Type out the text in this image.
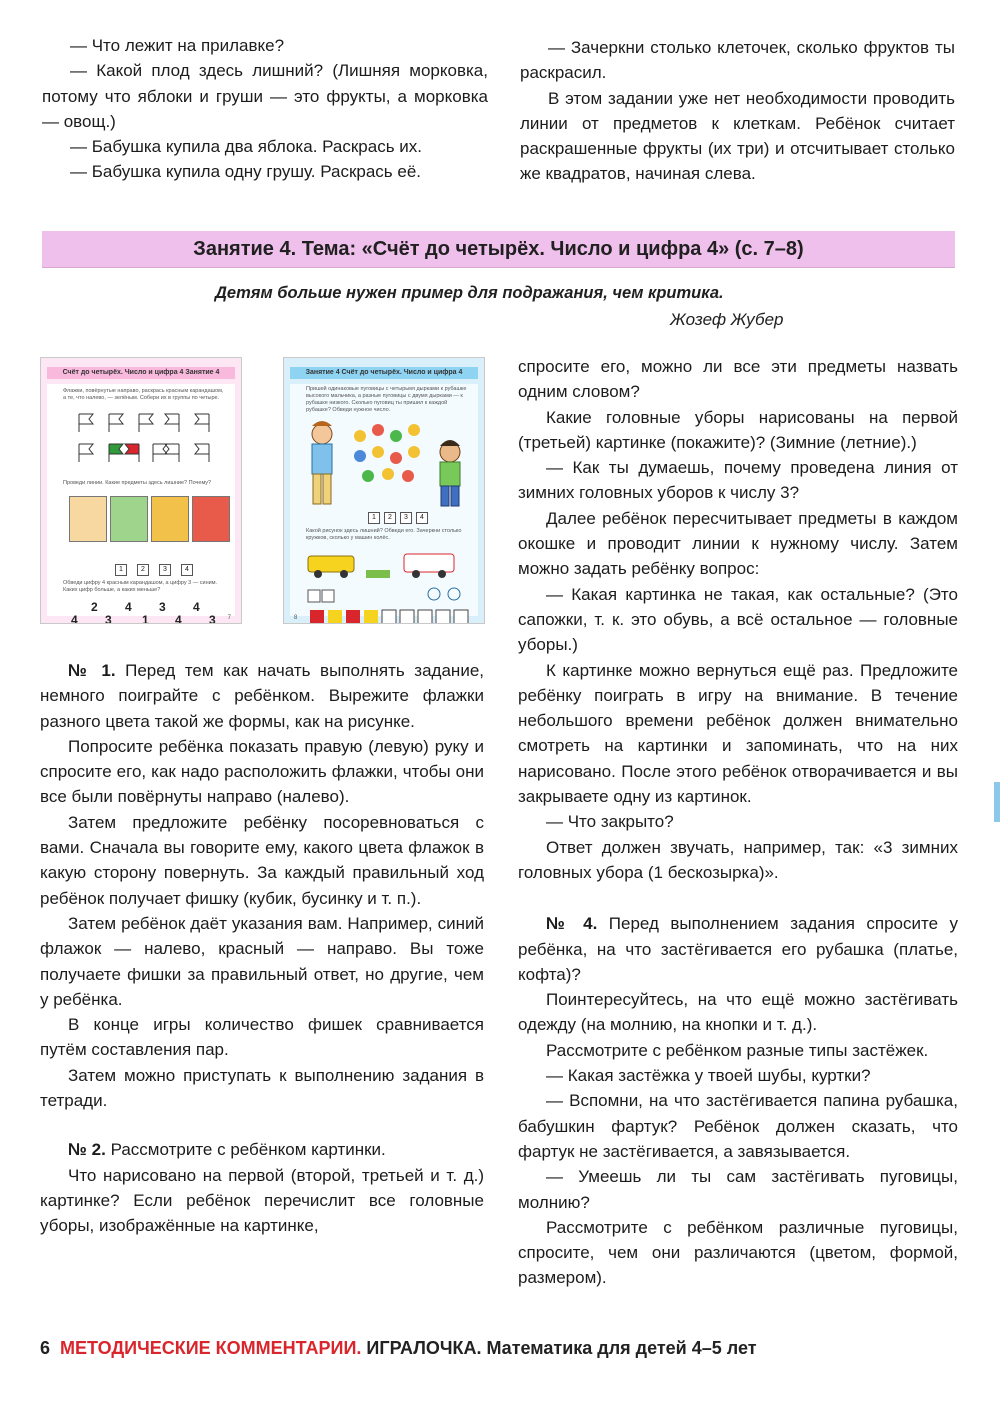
— Что лежит на прилавке?

— Какой плод здесь лишний? (Лишняя морковка, потому что яблоки и груши — это фрукты, а морковка — овощ.)

— Бабушка купила два яблока. Раскрась их.

— Бабушка купила одну грушу. Раскрась её.

— Зачеркни столько клеточек, сколько фруктов ты раскрасил.

В этом задании уже нет необходимости проводить линии от предметов к клеткам. Ребёнок считает раскрашенные фрукты (их три) и отсчитывает столько же квадратов, начиная слева.

Занятие 4. Тема: «Счёт до четырёх. Число и цифра 4» (с. 7–8)
Детям больше нужен пример для подражания, чем критика.
Жозеф Жубер
Счёт до четырёх. Число и цифра 4 Занятие 4
Флажки, повёрнутые направо, раскрась красным карандашом, а те, что налево, — зелёным. Собери их в группы по четыре.
Проведи линии. Какие предметы здесь лишние? Почему?
1	2	3	4
Обведи цифру 4 красным карандашом, а цифру 3 — синим. Каких цифр больше, а каких меньше?
2 4 3 4
4 3	1 4 3 7
Занятие 4 Счёт до четырёх. Число и цифра 4
Пришей одинаковые пуговицы с четырьмя дырками к рубашке высокого мальчика, а разные пуговицы с двумя дырками — к рубашке низкого. Сколько пуговиц ты пришил к каждой рубашке? Обведи нужное число.
1	2	3	4
Какой рисунок здесь лишний? Обведи его. Зачеркни столько кружков, сколько у машин колёс.
8

№ 1. Перед тем как начать выполнять задание, немного поиграйте с ребёнком. Вырежите флажки разного цвета такой же формы, как на рисунке.

Попросите ребёнка показать правую (левую) руку и спросите его, как надо расположить флажки, чтобы они все были повёрнуты направо (налево).

Затем предложите ребёнку посоревноваться с вами. Сначала вы говорите ему, какого цвета флажок в какую сторону повернуть. За каждый правильный ход ребёнок получает фишку (кубик, бусинку и т. п.).

Затем ребёнок даёт указания вам. Например, синий флажок — налево, красный — направо. Вы тоже получаете фишки за правильный ответ, но другие, чем у ребёнка.

В конце игры количество фишек сравнивается путём составления пар.

Затем можно приступать к выполнению задания в тетради.

№ 2. Рассмотрите с ребёнком картинки.

Что нарисовано на первой (второй, третьей и т. д.) картинке? Если ребёнок перечислит все головные уборы, изображённые на картинке,

спросите его, можно ли все эти предметы назвать одним словом?

Какие головные уборы нарисованы на первой (третьей) картинке (покажите)? (Зимние (летние).)

— Как ты думаешь, почему проведена линия от зимних головных уборов к числу 3?

Далее ребёнок пересчитывает предметы в каждом окошке и проводит линии к нужному числу. Затем можно задать ребёнку вопрос:

— Какая картинка не такая, как остальные? (Это сапожки, т. к. это обувь, а всё остальное — головные уборы.)

К картинке можно вернуться ещё раз. Предложите ребёнку поиграть в игру на внимание. В течение небольшого времени ребёнок должен внимательно смотреть на картинки и запоминать, что на них нарисовано. После этого ребёнок отворачивается и вы закрываете одну из картинок.

— Что закрыто?

Ответ должен звучать, например, так: «3 зимних головных убора (1 бескозырка)».

№ 4. Перед выполнением задания спросите у ребёнка, на что застёгивается его рубашка (платье, кофта)?

Поинтересуйтесь, на что ещё можно застёгивать одежду (на молнию, на кнопки и т. д.).

Рассмотрите с ребёнком разные типы застёжек.

— Какая застёжка у твоей шубы, куртки?

— Вспомни, на что застёгивается папина рубашка, бабушкин фартук? Ребёнок должен сказать, что фартук не застёгивается, а завязывается.

— Умеешь ли ты сам застёгивать пуговицы, молнию?

Рассмотрите с ребёнком различные пуговицы, спросите, чем они различаются (цветом, формой, размером).

6 МЕТОДИЧЕСКИЕ КОММЕНТАРИИ. ИГРАЛОЧКА. Математика для детей 4–5 лет
